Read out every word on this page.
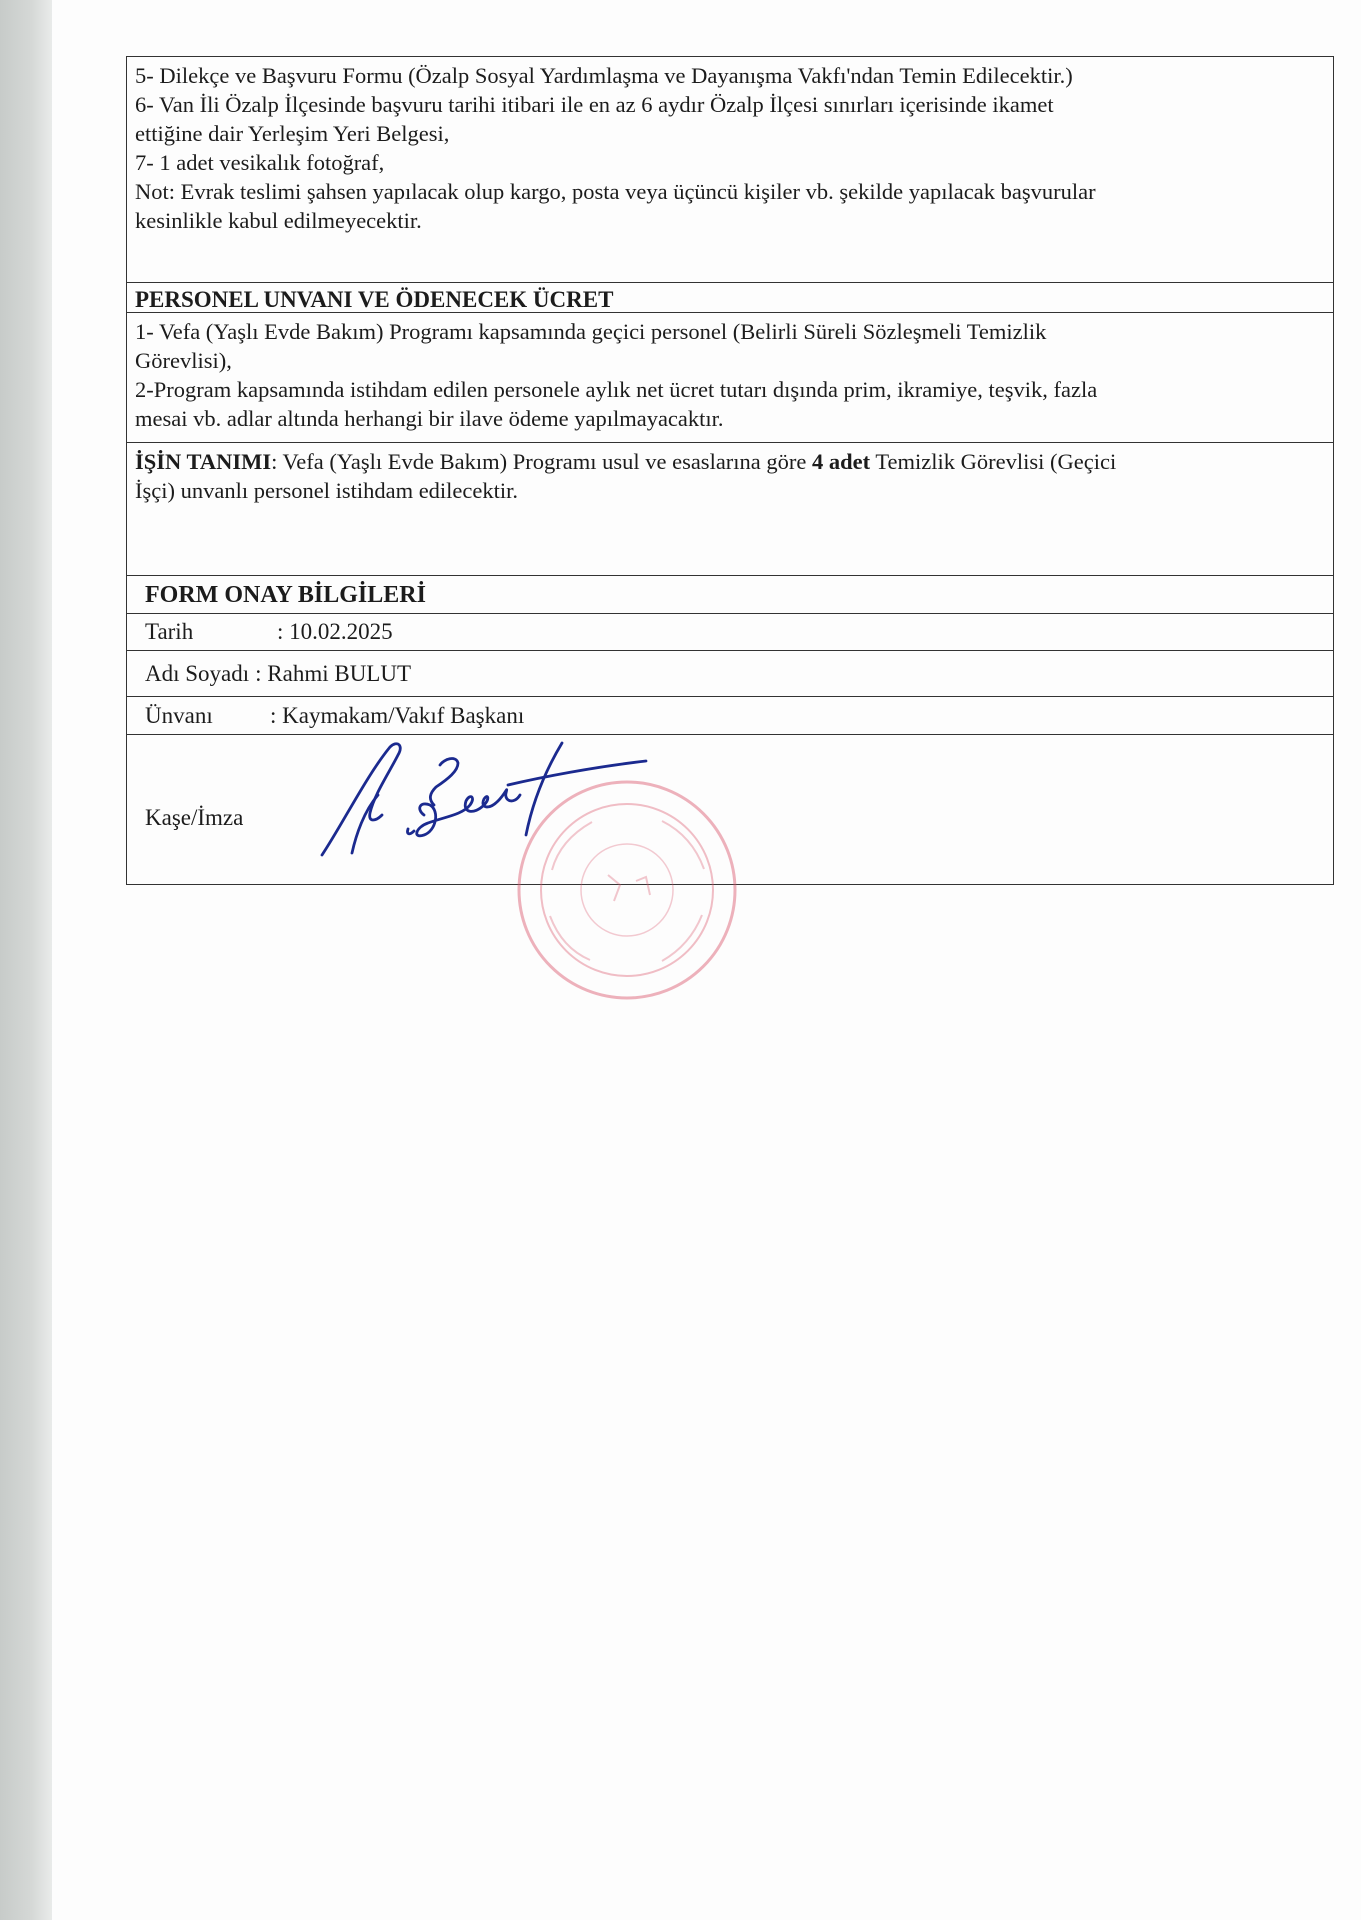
5- Dilekçe ve Başvuru Formu (Özalp Sosyal Yardımlaşma ve Dayanışma Vakfı'ndan Temin Edilecektir.)
6- Van İli Özalp İlçesinde başvuru tarihi itibari ile en az 6 aydır Özalp İlçesi sınırları içerisinde ikamet
ettiğine dair Yerleşim Yeri Belgesi,
7- 1 adet vesikalık fotoğraf,
Not: Evrak teslimi şahsen yapılacak olup kargo, posta veya üçüncü kişiler vb. şekilde yapılacak başvurular
kesinlikle kabul edilmeyecektir.
PERSONEL UNVANI VE ÖDENECEK ÜCRET
1- Vefa (Yaşlı Evde Bakım) Programı kapsamında geçici personel (Belirli Süreli Sözleşmeli Temizlik
Görevlisi),
2-Program kapsamında istihdam edilen personele aylık net ücret tutarı dışında prim, ikramiye, teşvik, fazla
mesai vb. adlar altında herhangi bir ilave ödeme yapılmayacaktır.
İŞİN TANIMI: Vefa (Yaşlı Evde Bakım) Programı usul ve esaslarına göre 4 adet Temizlik Görevlisi (Geçici
İşçi) unvanlı personel istihdam edilecektir.
FORM ONAY BİLGİLERİ
Tarih	: 10.02.2025
Adı Soyadı : Rahmi BULUT
Ünvanı	: Kaymakam/Vakıf Başkanı
Kaşe/İmza
